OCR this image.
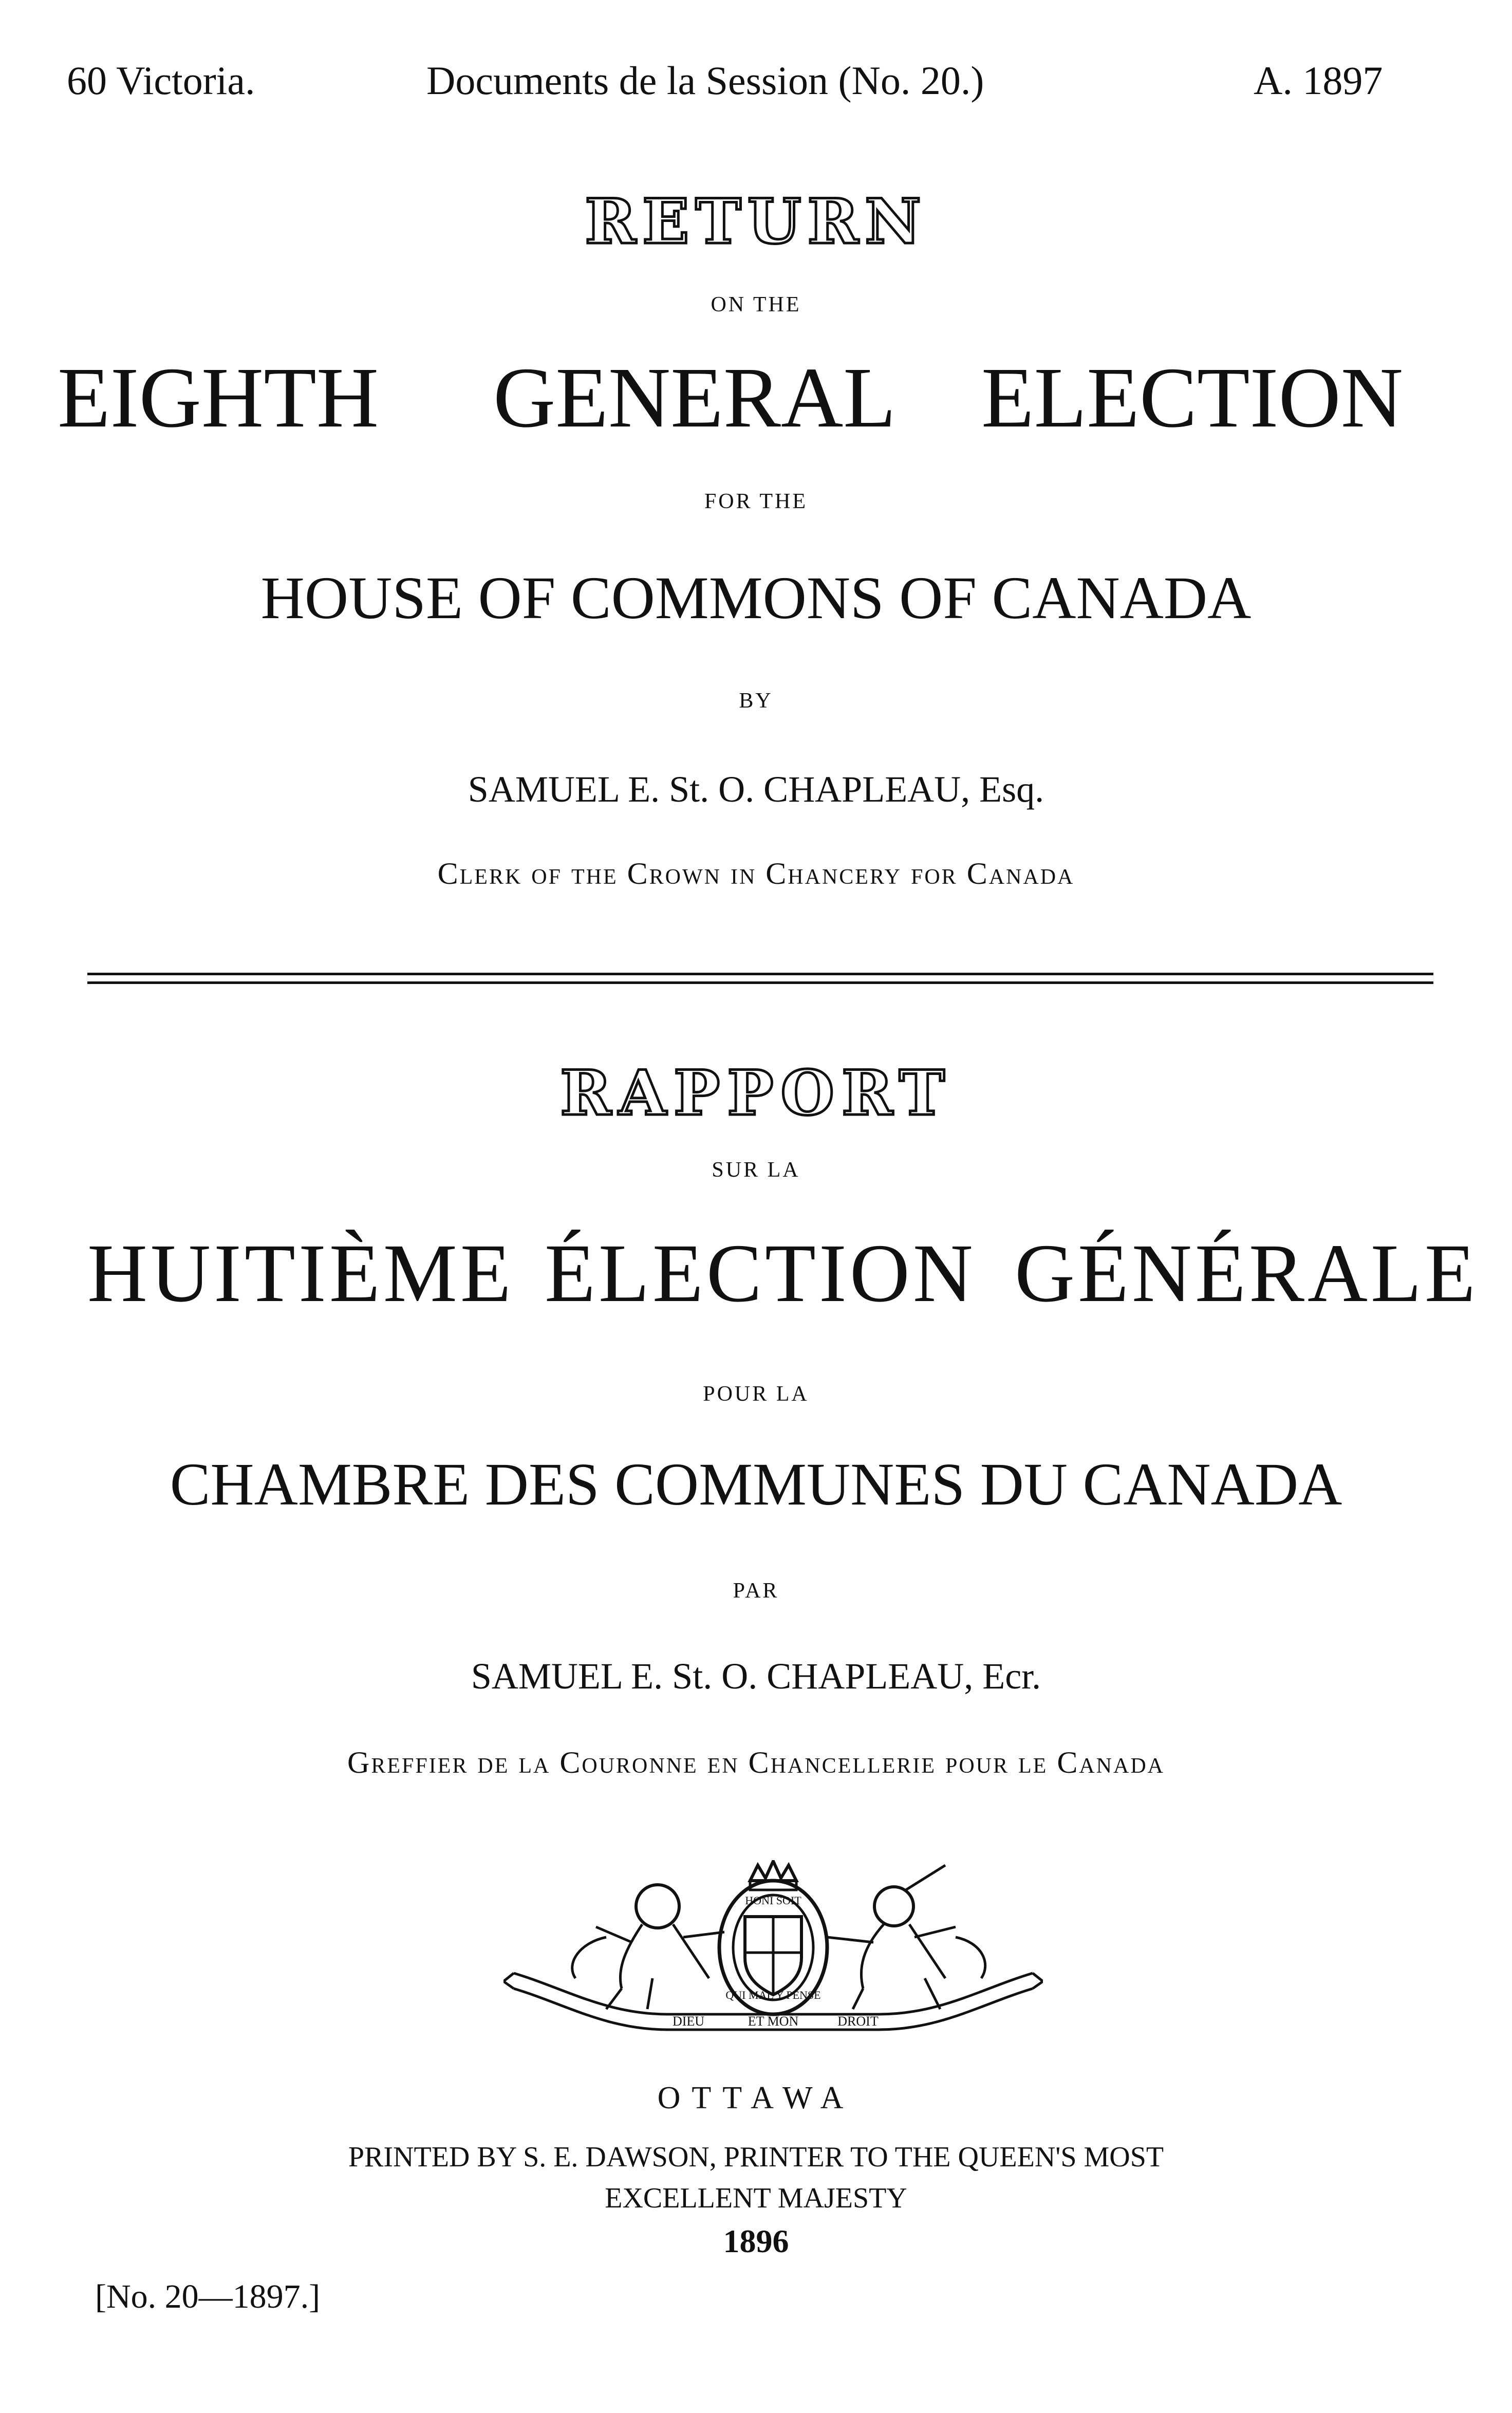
60 Victoria.	Documents de la Session (No. 20.)	A. 1897
RETURN
ON THE
EIGHTH GENERAL ELECTION
FOR THE
HOUSE OF COMMONS OF CANADA
BY
SAMUEL E. St. O. CHAPLEAU, Esq.
Clerk of the Crown in Chancery for Canada
RAPPORT
SUR LA
HUITIÈME ÉLECTION GÉNÉRALE
POUR LA
CHAMBRE DES COMMUNES DU CANADA
PAR
SAMUEL E. St. O. CHAPLEAU, Ecr.
Greffier de la Couronne en Chancellerie pour le Canada
HONI SOIT
QUI MAL Y PENSE
DIEU	ET MON	DROIT
OTTAWA
PRINTED BY S. E. DAWSON, PRINTER TO THE QUEEN'S MOST
EXCELLENT MAJESTY
1896
[No. 20—1897.]
